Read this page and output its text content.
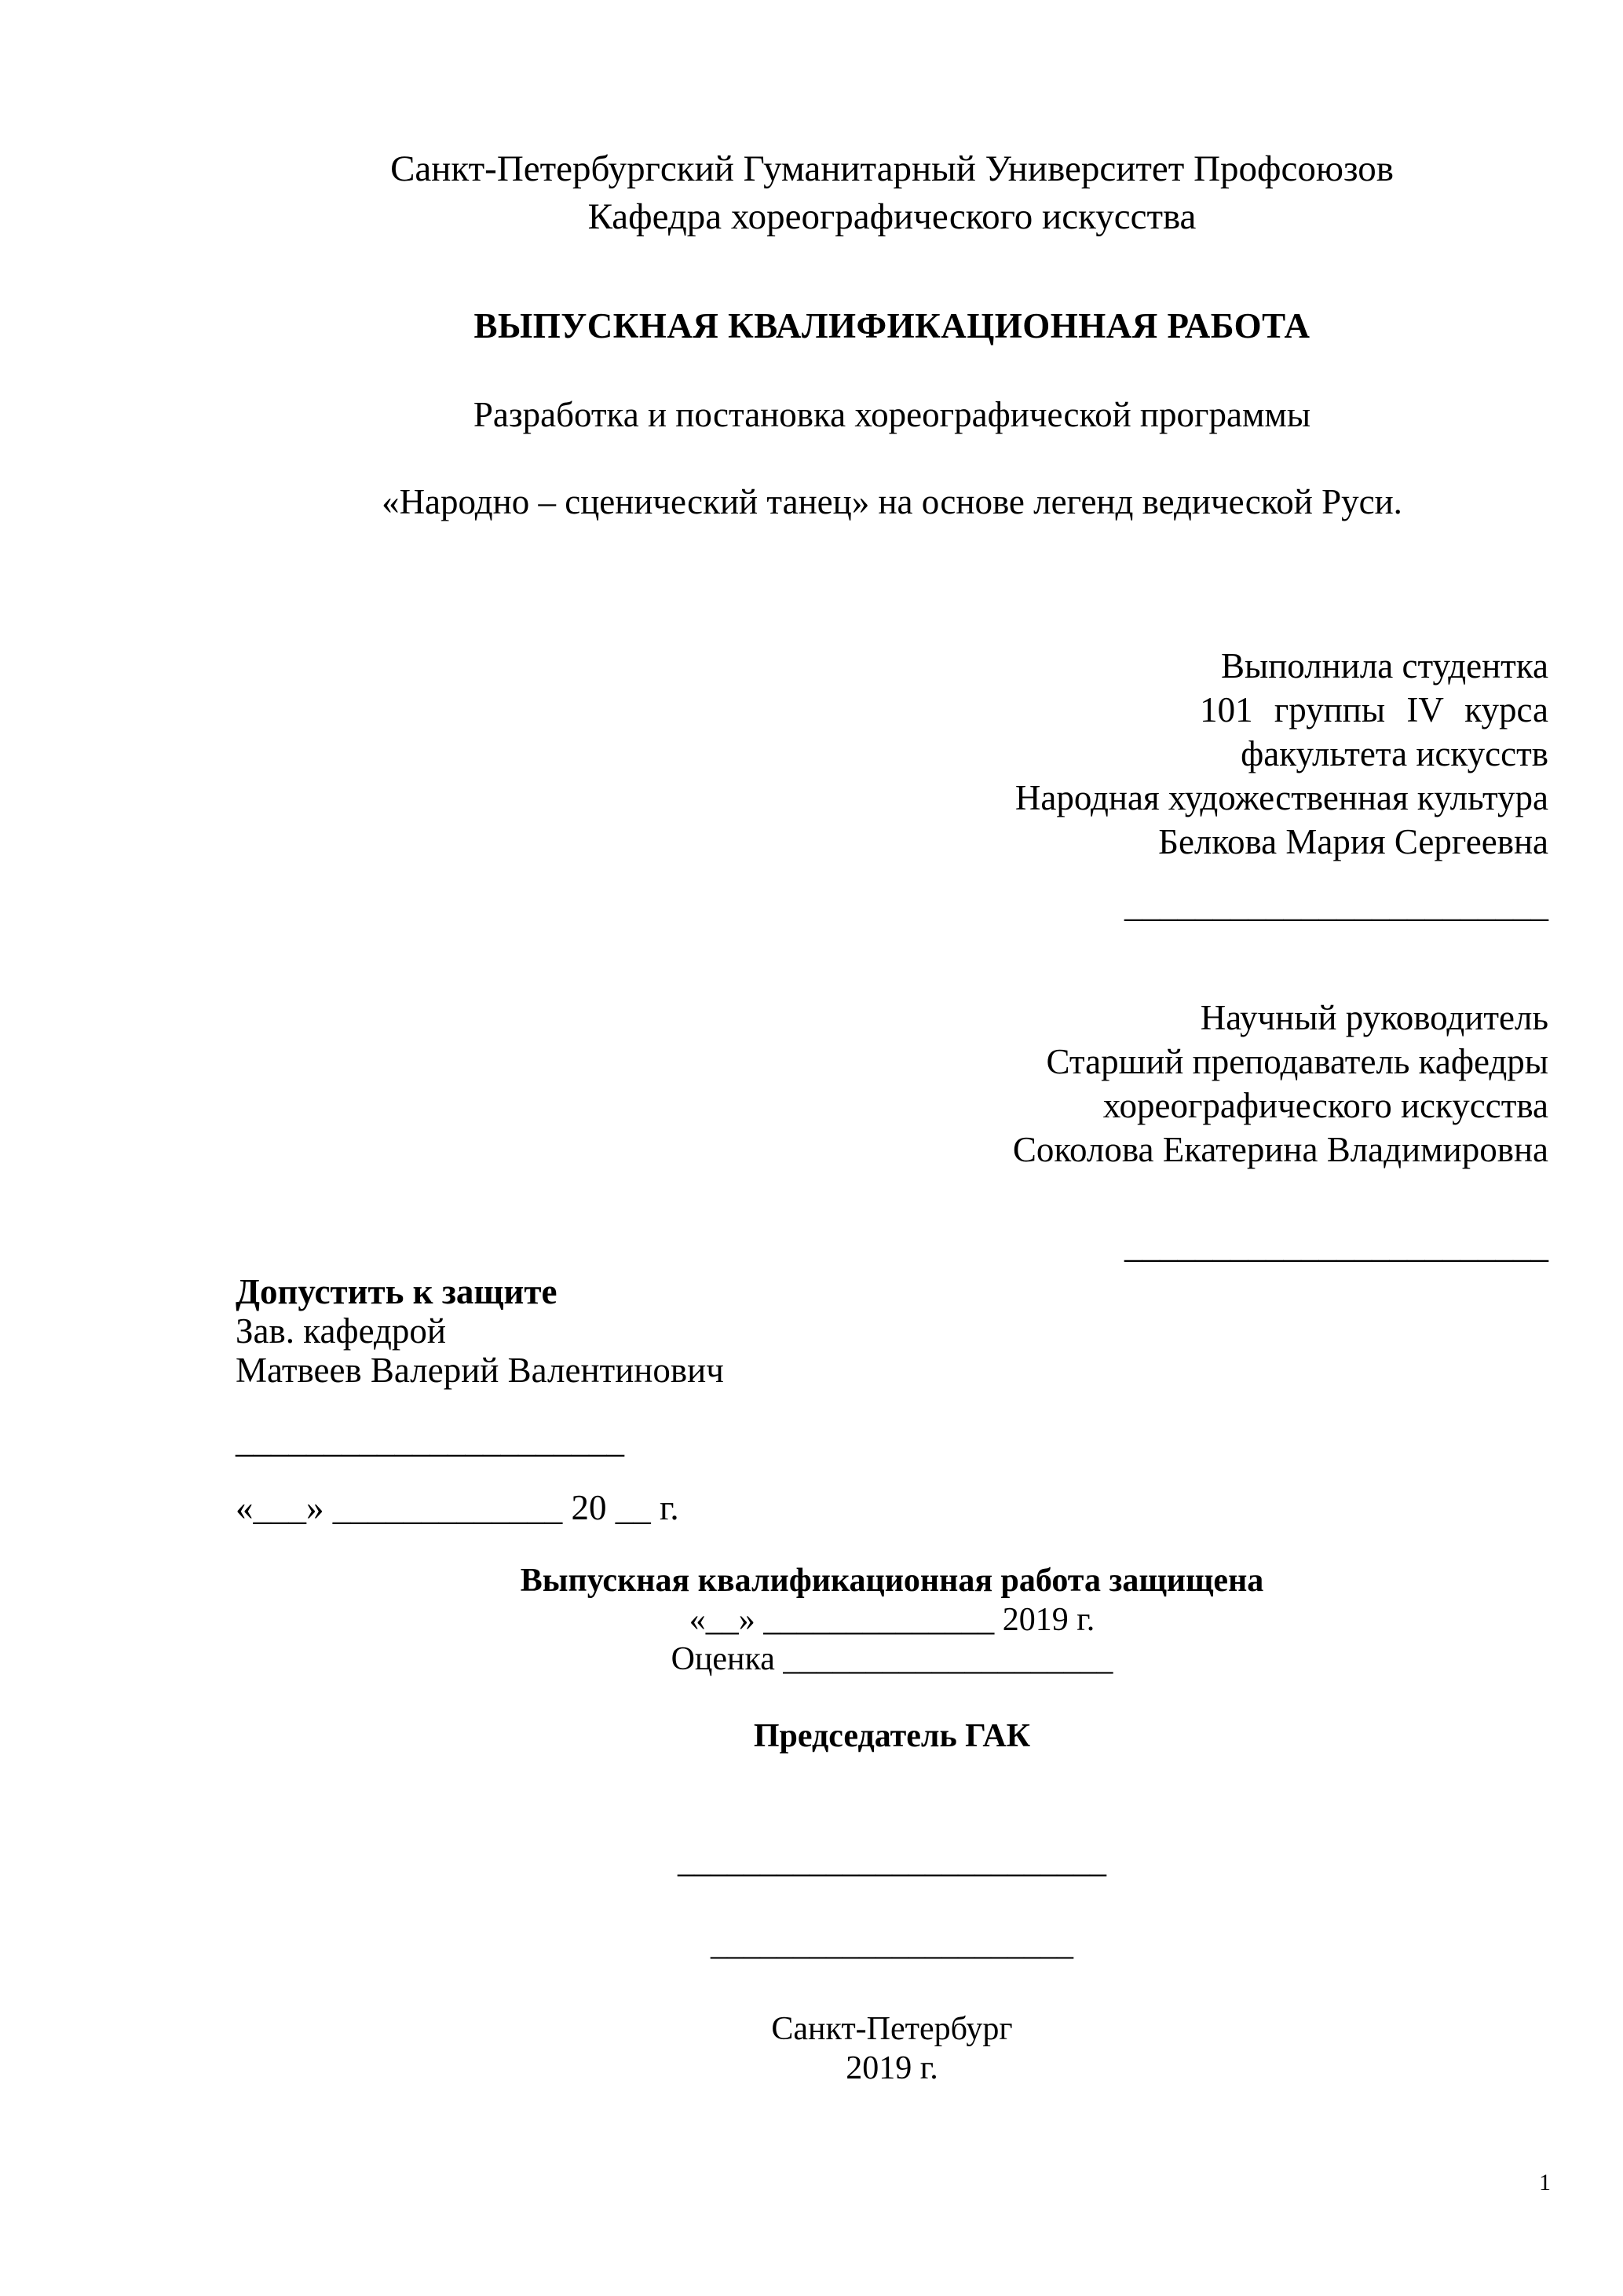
Санкт-Петербургский Гуманитарный Университет Профсоюзов
Кафедра хореографического искусства
ВЫПУСКНАЯ КВАЛИФИКАЦИОННАЯ РАБОТА
Разработка и постановка хореографической программы
«Народно – сценический танец» на основе легенд ведической Руси.
Выполнила студентка
101 группы IV курса
факультета искусств
Народная художественная культура
Белкова Мария Сергеевна
________________________
Научный руководитель
Старший преподаватель кафедры
хореографического искусства
Соколова Екатерина Владимировна
________________________
Допустить к защите
Зав. кафедрой
Матвеев Валерий Валентинович
______________________
«___» _____________ 20 __ г.
Выпускная квалификационная работа защищена
«__» ______________ 2019 г.
Оценка ____________________
Председатель ГАК
__________________________
______________________
Санкт-Петербург
2019 г.
1
